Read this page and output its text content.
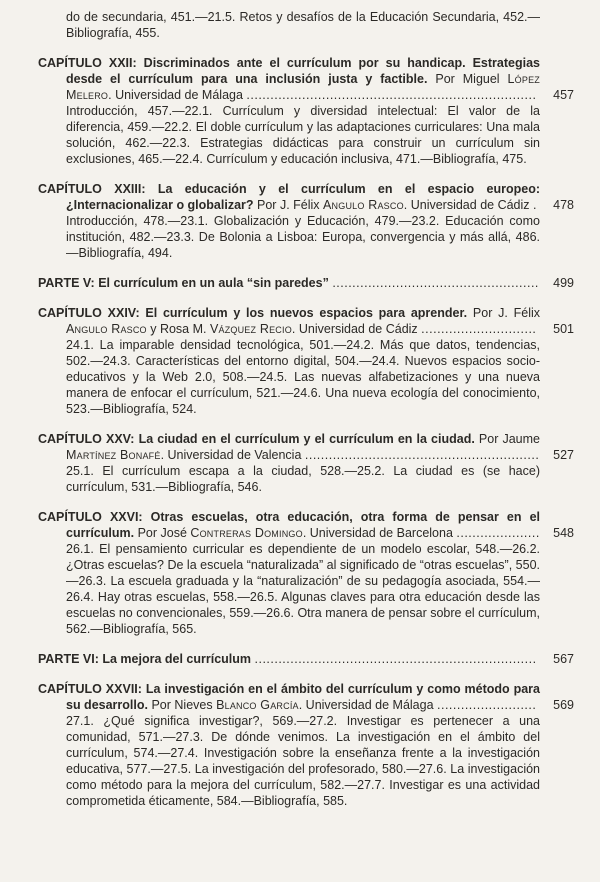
do de secundaria, 451.—21.5. Retos y desafíos de la Educación Secundaria, 452.—Bibliografía, 455.

CAPÍTULO XXII: Discriminados ante el currículum por su handicap. Estrategias desde el currículum para una inclusión justa y factible. Por Miguel López Melero. Universidad de Málaga ......................................................................... 457

Introducción, 457.—22.1. Currículum y diversidad intelectual: El valor de la diferencia, 459.—22.2. El doble currículum y las adaptaciones curriculares: Una mala solución, 462.—22.3. Estrategias didácticas para construir un currículum sin exclusiones, 465.—22.4. Currículum y educación inclusiva, 471.—Bibliografía, 475.

CAPÍTULO XXIII: La educación y el currículum en el espacio europeo: ¿Internacionalizar o globalizar? Por J. Félix Angulo Rasco. Universidad de Cádiz . 478

Introducción, 478.—23.1. Globalización y Educación, 479.—23.2. Educación como institución, 482.—23.3. De Bolonia a Lisboa: Europa, convergencia y más allá, 486.—Bibliografía, 494.

PARTE V: El currículum en un aula “sin paredes” .................................................... 499

CAPÍTULO XXIV: El currículum y los nuevos espacios para aprender. Por J. Félix Angulo Rasco y Rosa M. Vázquez Recio. Universidad de Cádiz ............................. 501

24.1. La imparable densidad tecnológica, 501.—24.2. Más que datos, tendencias, 502.—24.3. Características del entorno digital, 504.—24.4. Nuevos espacios socio-educativos y la Web 2.0, 508.—24.5. Las nuevas alfabetizaciones y una nueva manera de enfocar el currículum, 521.—24.6. Una nueva ecología del conocimiento, 523.—Bibliografía, 524.

CAPÍTULO XXV: La ciudad en el currículum y el currículum en la ciudad. Por Jaume Martínez Bonafé. Universidad de Valencia ........................................................... 527

25.1. El currículum escapa a la ciudad, 528.—25.2. La ciudad es (se hace) currículum, 531.—Bibliografía, 546.

CAPÍTULO XXVI: Otras escuelas, otra educación, otra forma de pensar en el currículum. Por José Contreras Domingo. Universidad de Barcelona ..................... 548

26.1. El pensamiento curricular es dependiente de un modelo escolar, 548.—26.2. ¿Otras escuelas? De la escuela “naturalizada” al significado de “otras escuelas”, 550.—26.3. La escuela graduada y la “naturalización” de su pedagogía asociada, 554.—26.4. Hay otras escuelas, 558.—26.5. Algunas claves para otra educación desde las escuelas no convencionales, 559.—26.6. Otra manera de pensar sobre el currículum, 562.—Bibliografía, 565.

PARTE VI: La mejora del currículum ....................................................................... 567

CAPÍTULO XXVII: La investigación en el ámbito del currículum y como método para su desarrollo. Por Nieves Blanco García. Universidad de Málaga ......................... 569

27.1. ¿Qué significa investigar?, 569.—27.2. Investigar es pertenecer a una comunidad, 571.—27.3. De dónde venimos. La investigación en el ámbito del currículum, 574.—27.4. Investigación sobre la enseñanza frente a la investigación educativa, 577.—27.5. La investigación del profesorado, 580.—27.6. La investigación como método para la mejora del currículum, 582.—27.7. Investigar es una actividad comprometida éticamente, 584.—Bibliografía, 585.
